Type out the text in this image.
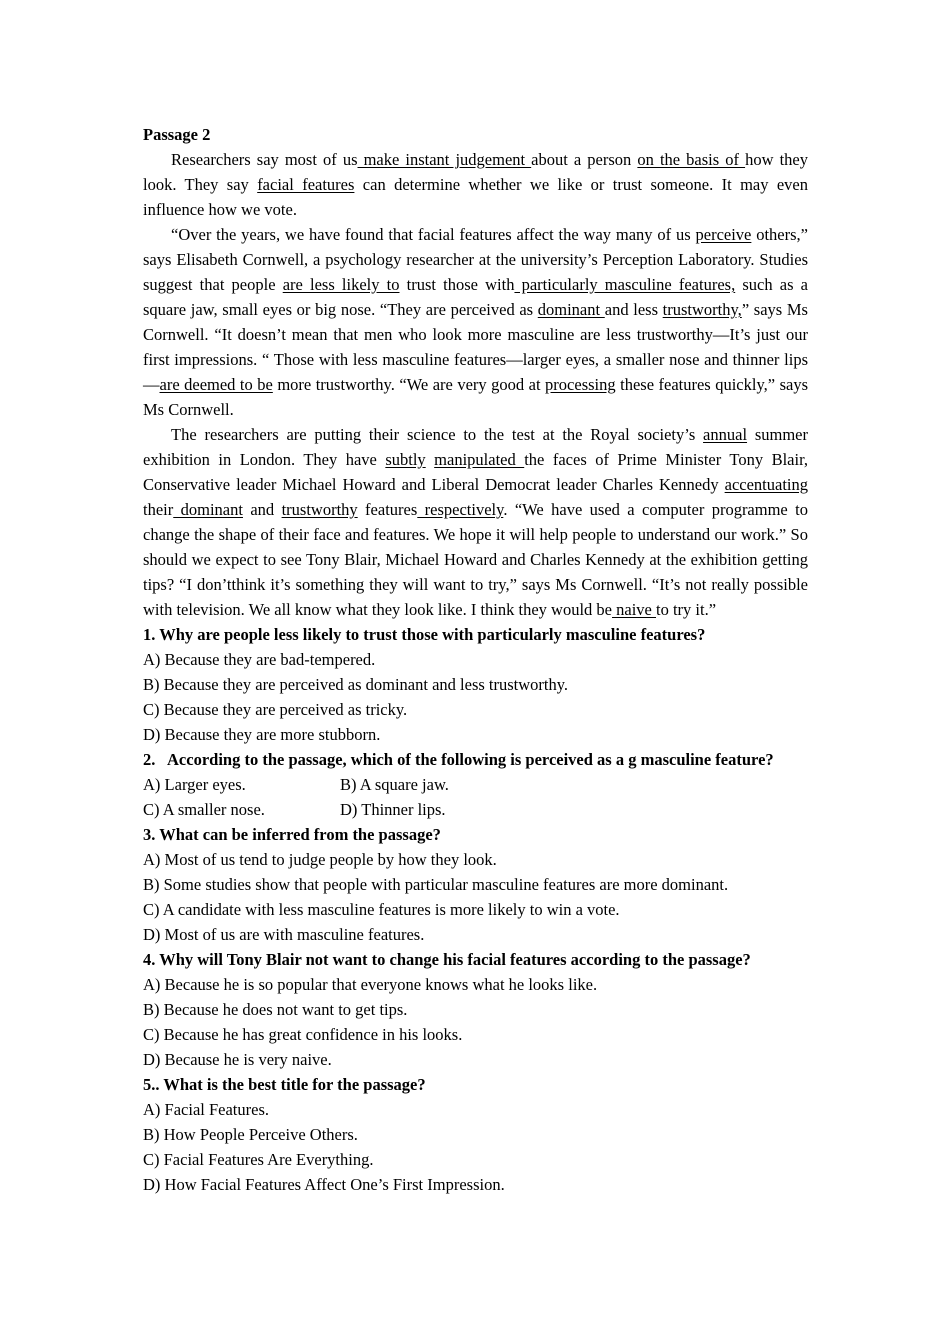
Passage 2

Researchers say most of us make instant judgement about a person on the basis of how they look. They say facial features can determine whether we like or trust someone. It may even influence how we vote.

“Over the years, we have found that facial features affect the way many of us perceive others,” says Elisabeth Cornwell, a psychology researcher at the university’s Perception Laboratory. Studies suggest that people are less likely to trust those with particularly masculine features, such as a square jaw, small eyes or big nose. “They are perceived as dominant and less trustworthy,” says Ms Cornwell. “It doesn’t mean that men who look more masculine are less trustworthy—It’s just our first impressions. “ Those with less masculine features—larger eyes, a smaller nose and thinner lips—are deemed to be more trustworthy. “We are very good at processing these features quickly,” says Ms Cornwell.

The researchers are putting their science to the test at the Royal society’s annual summer exhibition in London. They have subtly manipulated the faces of Prime Minister Tony Blair, Conservative leader Michael Howard and Liberal Democrat leader Charles Kennedy accentuating their dominant and trustworthy features respectively. “We have used a computer programme to change the shape of their face and features. We hope it will help people to understand our work.” So should we expect to see Tony Blair, Michael Howard and Charles Kennedy at the exhibition getting tips? “I don’tthink it’s something they will want to try,” says Ms Cornwell. “It’s not really possible with television. We all know what they look like. I think they would be naive to try it.”

1. Why are people less likely to trust those with particularly masculine features?

A) Because they are bad-tempered.

B) Because they are perceived as dominant and less trustworthy.

C) Because they are perceived as tricky.

D) Because they are more stubborn.

2. According to the passage, which of the following is perceived as a g masculine feature?

A) Larger eyes.	B) A square jaw.

C) A smaller nose.	D) Thinner lips.

3. What can be inferred from the passage?

A) Most of us tend to judge people by how they look.

B) Some studies show that people with particular masculine features are more dominant.

C) A candidate with less masculine features is more likely to win a vote.

D) Most of us are with masculine features.

4. Why will Tony Blair not want to change his facial features according to the passage?

A) Because he is so popular that everyone knows what he looks like.

B) Because he does not want to get tips.

C) Because he has great confidence in his looks.

D) Because he is very naive.

5.. What is the best title for the passage?

A) Facial Features.

B) How People Perceive Others.

C) Facial Features Are Everything.

D) How Facial Features Affect One’s First Impression.
